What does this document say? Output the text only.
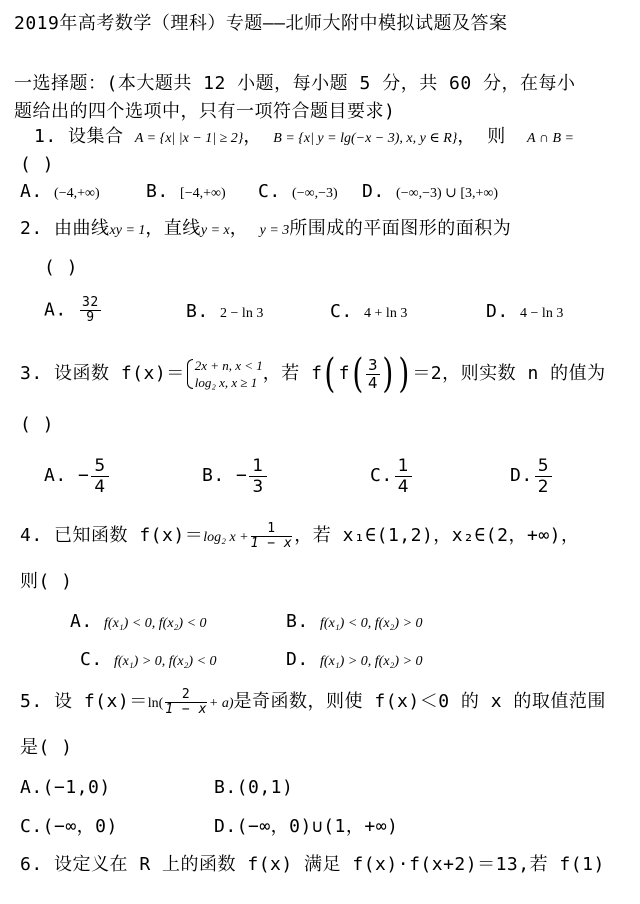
2019年高考数学（理科）专题——北师大附中模拟试题及答案
一选择题：(本大题共 12 小题，每小题 5 分，共 60 分，在每小
题给出的四个选项中，只有一项符合题目要求)
1. 设集合 A = {x| |x − 1| ≥ 2}， B = {x| y = lg(−x − 3), x, y ∈ R}， 则 A ∩ B =
( )
A. (−4,+∞)	B. [−4,+∞) C. (−∞,−3) D. (−∞,−3) ∪ [3,+∞)
2. 由曲线xy = 1，直线y = x， y = 3所围成的平面图形的面积为
( )
A. $\frac{32}{9}$	B. 2 − ln 3	C. 4 + ln 3	D. 4 − ln 3
3. 设函数 f(x)＝ 2x + n, x < 1
log₂ x, x ≥ 1 ，若 f( $f( \frac{3}{4}$ ) ) ＝2，则实数 n 的值为
( )
A. − $\frac{5}{4}$	B. − $\frac{1}{3}$	C. $\frac{1}{4}$	D. $\frac{5}{2}$
4. 已知函数 f(x)＝log₂ $x + \frac{1}{1 - x}$ ，若 x₁∈(1,2)，x₂∈(2，+∞)，
则( )
A. f(x₁) < 0, f(x₂) < 0	B. f(x₁) < 0, f(x₂) > 0
C. f(x₁) > 0, f(x₂) < 0	D. f(x₁) > 0, f(x₂) > 0
5. 设 $f(x)=\ln( \frac{2}{1 - x} + a)$是奇函数，则使 f(x)＜0 的 x 的取值范围
是( )
A.(−1,0)	B.(0,1)
C.(−∞，0)	D.(−∞，0)∪(1，+∞)
6. 设定义在 R 上的函数 f(x) 满足 f(x)·f(x+2)＝13,若 f(1)
